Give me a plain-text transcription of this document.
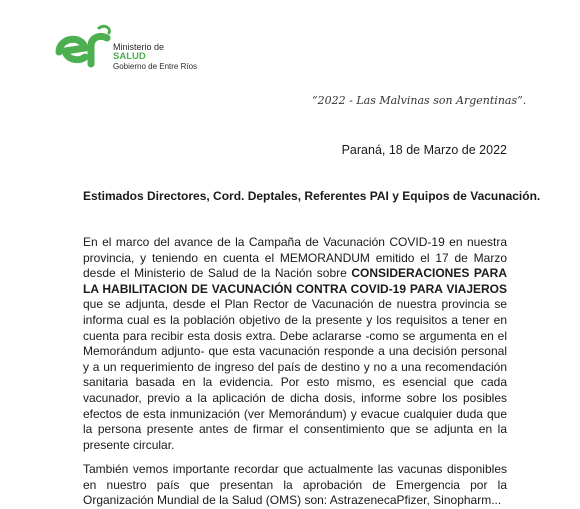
Ministerio de
SALUD
Gobierno de Entre Ríos
“2022 - Las Malvinas son Argentinas”.
Paraná, 18 de Marzo de 2022
Estimados Directores, Cord. Deptales, Referentes PAI y Equipos de Vacunación.

En el marco del avance de la Campaña de Vacunación COVID-19 en nuestra provincia, y teniendo en cuenta el MEMORANDUM emitido el 17 de Marzo desde el Ministerio de Salud de la Nación sobre CONSIDERACIONES PARA LA HABILITACION DE VACUNACIÓN CONTRA COVID-19 PARA VIAJEROS que se adjunta, desde el Plan Rector de Vacunación de nuestra provincia se informa cual es la población objetivo de la presente y los requisitos a tener en cuenta para recibir esta dosis extra. Debe aclararse -como se argumenta en el Memorándum adjunto- que esta vacunación responde a una decisión personal y a un requerimiento de ingreso del país de destino y no a una recomendación sanitaria basada en la evidencia. Por esto mismo, es esencial que cada vacunador, previo a la aplicación de dicha dosis, informe sobre los posibles efectos de esta inmunización (ver Memorándum) y evacue cualquier duda que la persona presente antes de firmar el consentimiento que se adjunta en la presente circular.

También vemos importante recordar que actualmente las vacunas disponibles en nuestro país que presentan la aprobación de Emergencia por la Organización Mundial de la Salud (OMS) son: AstrazenecaPfizer, Sinopharm...
